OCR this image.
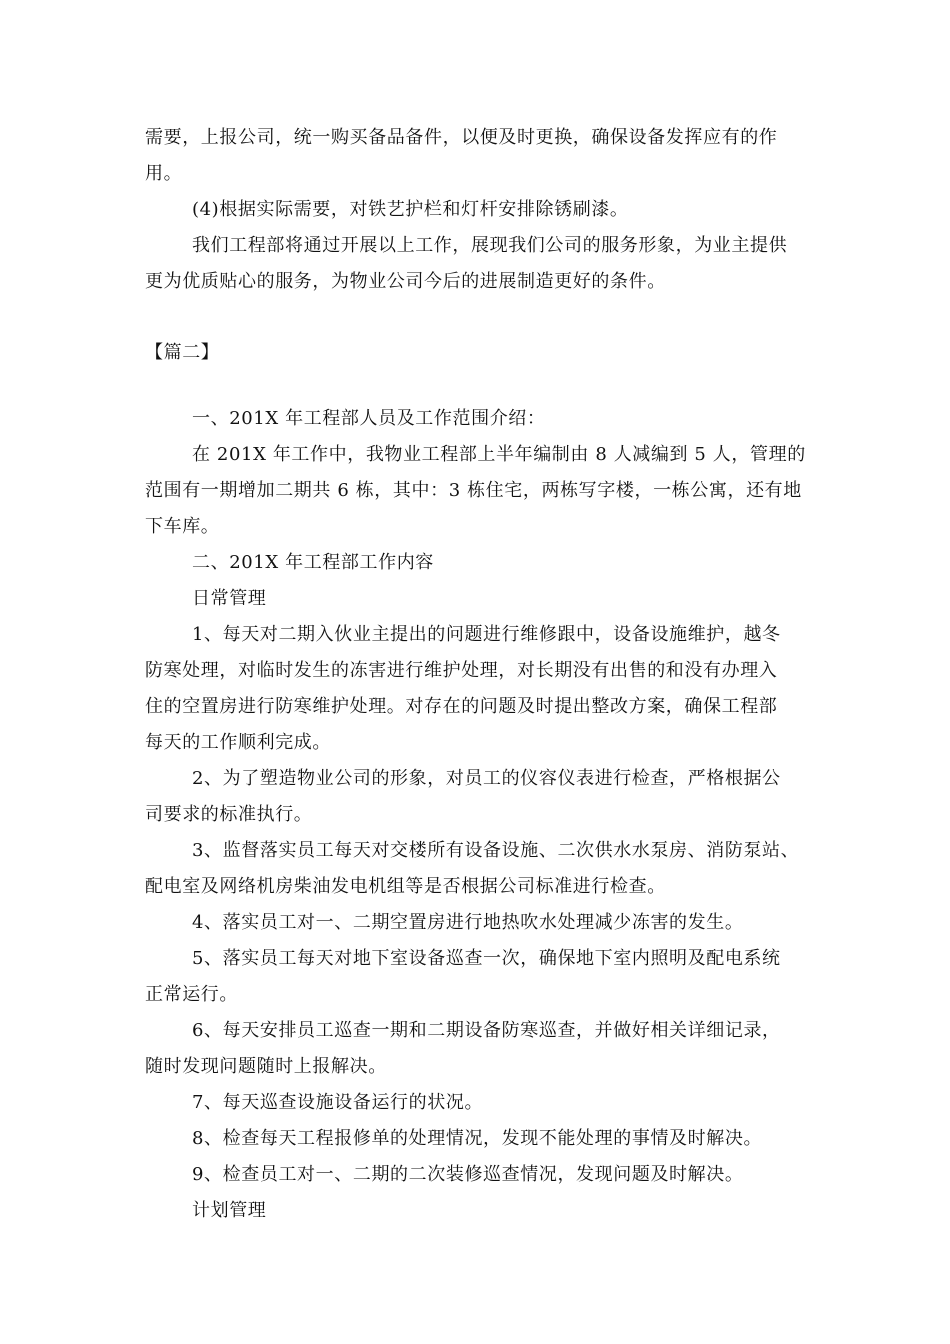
需要，上报公司，统一购买备品备件，以便及时更换，确保设备发挥应有的作
用。
(4)根据实际需要，对铁艺护栏和灯杆安排除锈刷漆。
我们工程部将通过开展以上工作，展现我们公司的服务形象，为业主提供
更为优质贴心的服务，为物业公司今后的进展制造更好的条件。
【篇二】
一、201X 年工程部人员及工作范围介绍：
在 201X 年工作中，我物业工程部上半年编制由 8 人减编到 5 人，管理的
范围有一期增加二期共 6 栋，其中：3 栋住宅，两栋写字楼，一栋公寓，还有地
下车库。
二、201X 年工程部工作内容
日常管理
1、每天对二期入伙业主提出的问题进行维修跟中，设备设施维护，越冬
防寒处理，对临时发生的冻害进行维护处理，对长期没有出售的和没有办理入
住的空置房进行防寒维护处理。对存在的问题及时提出整改方案，确保工程部
每天的工作顺利完成。
2、为了塑造物业公司的形象，对员工的仪容仪表进行检查，严格根据公
司要求的标准执行。
3、监督落实员工每天对交楼所有设备设施、二次供水水泵房、消防泵站、
配电室及网络机房柴油发电机组等是否根据公司标准进行检查。
4、落实员工对一、二期空置房进行地热吹水处理减少冻害的发生。
5、落实员工每天对地下室设备巡查一次，确保地下室内照明及配电系统
正常运行。
6、每天安排员工巡查一期和二期设备防寒巡查，并做好相关详细记录，
随时发现问题随时上报解决。
7、每天巡查设施设备运行的状况。
8、检查每天工程报修单的处理情况，发现不能处理的事情及时解决。
9、检查员工对一、二期的二次装修巡查情况，发现问题及时解决。
计划管理
